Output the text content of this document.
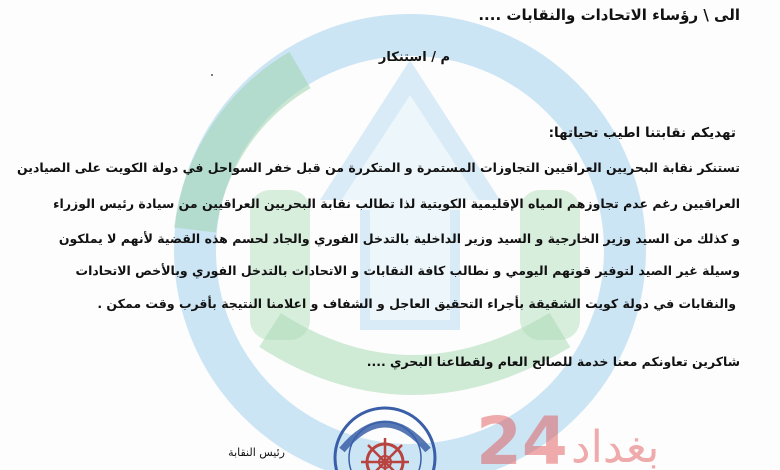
الى \ رؤساء الاتحادات والنقابات ....
م / استنكار
تهديكم نقابتنا اطيب تحياتها:
تستنكر نقابة البحريين العراقيين التجاوزات المستمرة و المتكررة من قبل خفر السواحل في دولة الكويت على الصيادين
العراقيين رغم عدم تجاوزهم المياه الإقليمية الكويتية لذا تطالب نقابة البحريين العراقيين من سيادة رئيس الوزراء
و كذلك من السيد وزير الخارجية و السيد وزير الداخلية بالتدخل الفوري والجاد لحسم هذه القضية لأنهم لا يملكون
وسيلة غير الصيد لتوفير قوتهم اليومي و نطالب كافة النقابات و الاتحادات بالتدخل الفوري وبالأخص الاتحادات
والنقابات في دولة كويت الشقيقة بأجراء التحقيق العاجل و الشفاف و اعلامنا النتيجة بأقرب وقت ممكن .
شاكرين تعاونكم معنا خدمة للصالح العام ولقطاعنا البحري ....
رئيس النقابة	24 بغداد
